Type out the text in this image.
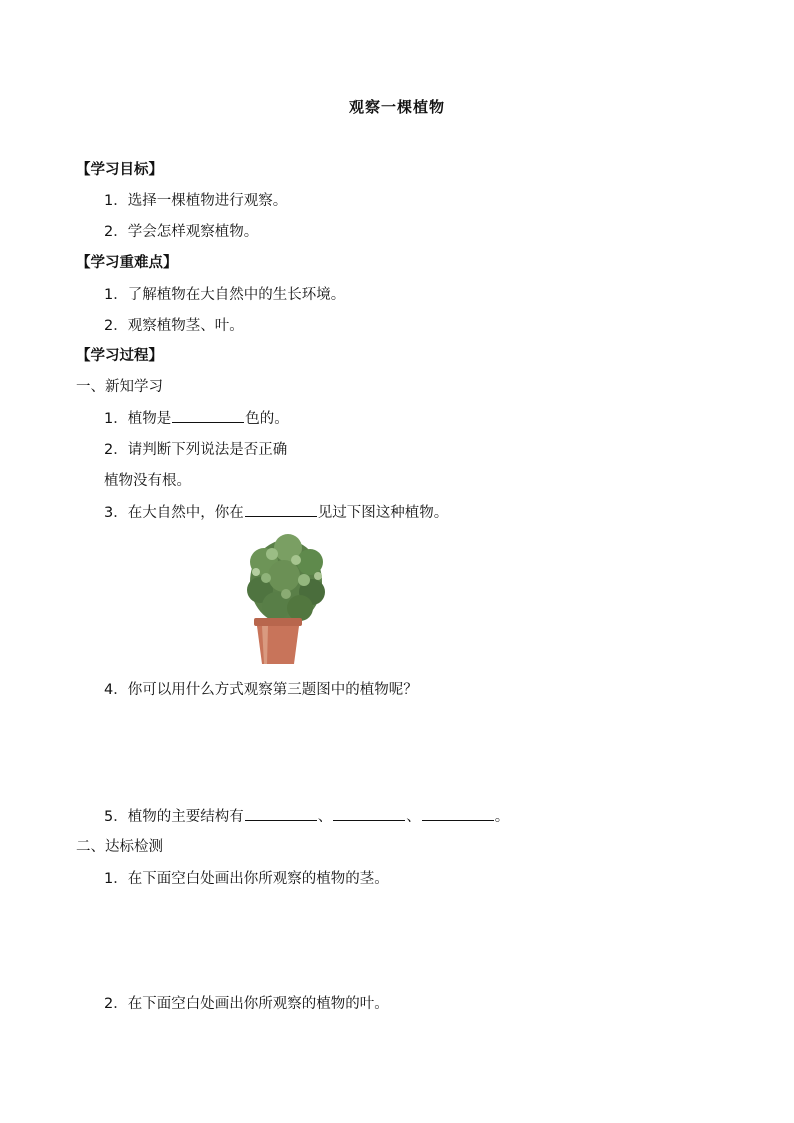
观察一棵植物
【学习目标】
1．选择一棵植物进行观察。
2．学会怎样观察植物。
【学习重难点】
1．了解植物在大自然中的生长环境。
2．观察植物茎、叶。
【学习过程】
一、新知学习
1．植物是	色的。
2．请判断下列说法是否正确
植物没有根。
3．在大自然中，你在	见过下图这种植物。
4．你可以用什么方式观察第三题图中的植物呢？
5．植物的主要结构有	、	、	。
二、达标检测
1．在下面空白处画出你所观察的植物的茎。
2．在下面空白处画出你所观察的植物的叶。
